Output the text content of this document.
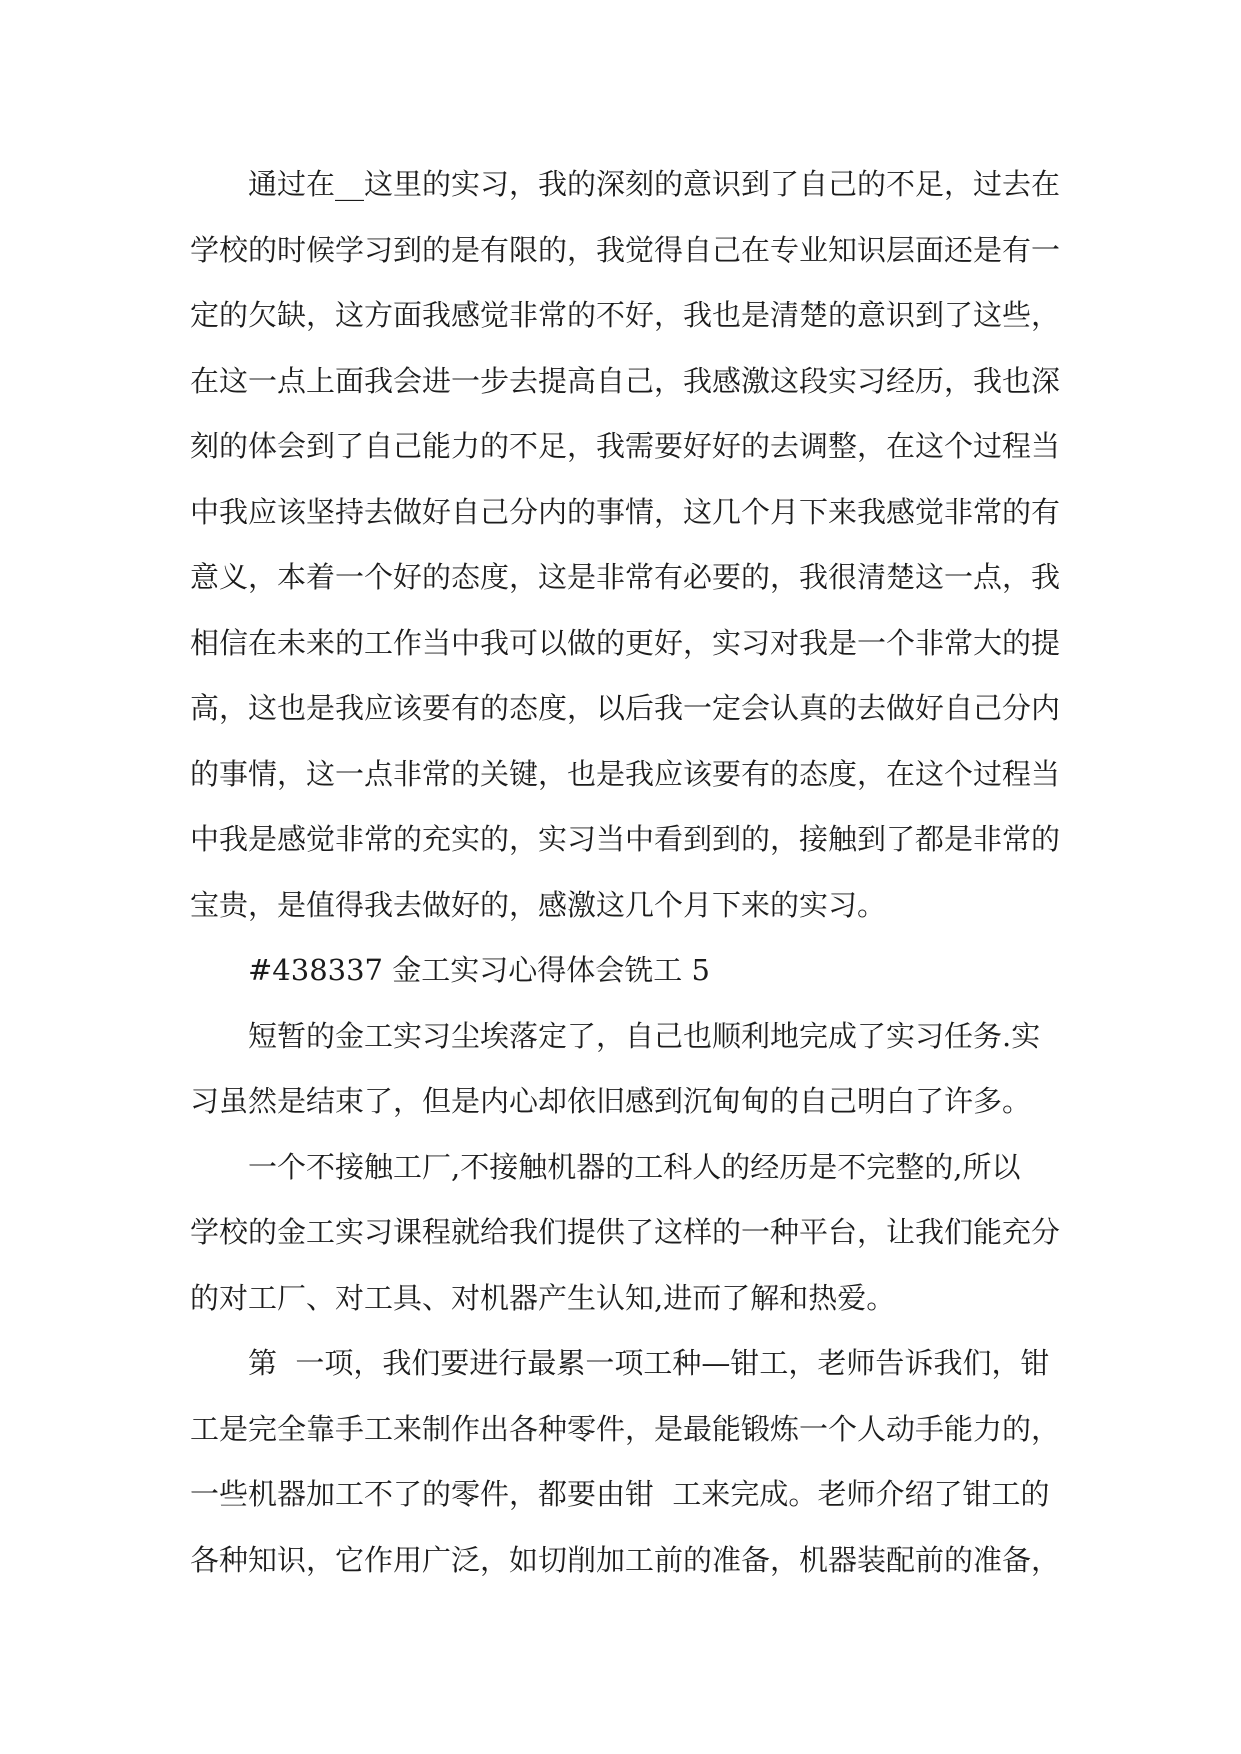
通过在__这里的实习，我的深刻的意识到了自己的不足，过去在
学校的时候学习到的是有限的，我觉得自己在专业知识层面还是有一
定的欠缺，这方面我感觉非常的不好，我也是清楚的意识到了这些，
在这一点上面我会进一步去提高自己，我感激这段实习经历，我也深
刻的体会到了自己能力的不足，我需要好好的去调整，在这个过程当
中我应该坚持去做好自己分内的事情，这几个月下来我感觉非常的有
意义，本着一个好的态度，这是非常有必要的，我很清楚这一点，我
相信在未来的工作当中我可以做的更好，实习对我是一个非常大的提
高，这也是我应该要有的态度，以后我一定会认真的去做好自己分内
的事情，这一点非常的关键，也是我应该要有的态度，在这个过程当
中我是感觉非常的充实的，实习当中看到到的，接触到了都是非常的
宝贵，是值得我去做好的，感激这几个月下来的实习。
#438337 金工实习心得体会铣工 5
短暂的金工实习尘埃落定了，自己也顺利地完成了实习任务.实
习虽然是结束了，但是内心却依旧感到沉甸甸的自己明白了许多。
一个不接触工厂,不接触机器的工科人的经历是不完整的,所以
学校的金工实习课程就给我们提供了这样的一种平台，让我们能充分
的对工厂、对工具、对机器产生认知,进而了解和热爱。
第  一项，我们要进行最累一项工种—钳工，老师告诉我们，钳
工是完全靠手工来制作出各种零件，是最能锻炼一个人动手能力的，
一些机器加工不了的零件，都要由钳  工来完成。老师介绍了钳工的
各种知识，它作用广泛，如切削加工前的准备，机器装配前的准备，
